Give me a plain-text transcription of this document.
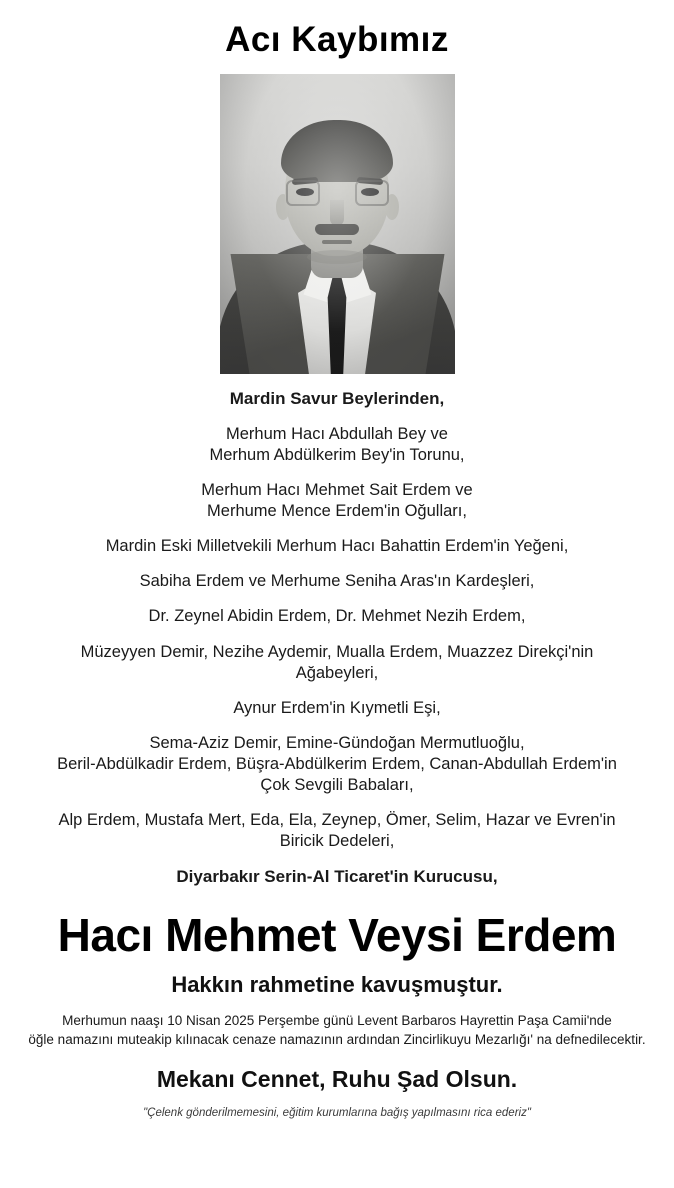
Acı Kaybımız
Mardin Savur Beylerinden,
Merhum Hacı Abdullah Bey ve
Merhum Abdülkerim Bey'in Torunu,
Merhum Hacı Mehmet Sait Erdem ve
Merhume Mence Erdem'in Oğulları,
Mardin Eski Milletvekili Merhum Hacı Bahattin Erdem'in Yeğeni,
Sabiha Erdem ve Merhume Seniha Aras'ın Kardeşleri,
Dr. Zeynel Abidin Erdem, Dr. Mehmet Nezih Erdem,
Müzeyyen Demir, Nezihe Aydemir, Mualla Erdem, Muazzez Direkçi'nin
Ağabeyleri,
Aynur Erdem'in Kıymetli Eşi,
Sema-Aziz Demir, Emine-Gündoğan Mermutluoğlu,
Beril-Abdülkadir Erdem, Büşra-Abdülkerim Erdem, Canan-Abdullah Erdem'in
Çok Sevgili Babaları,
Alp Erdem, Mustafa Mert, Eda, Ela, Zeynep, Ömer, Selim, Hazar ve Evren'in
Biricik Dedeleri,
Diyarbakır Serin-Al Ticaret'in Kurucusu,
Hacı Mehmet Veysi Erdem
Hakkın rahmetine kavuşmuştur.
Merhumun naaşı 10 Nisan 2025 Perşembe günü Levent Barbaros Hayrettin Paşa Camii'nde
öğle namazını muteakip kılınacak cenaze namazının ardından Zincirlikuyu Mezarlığı' na defnedilecektir.
Mekanı Cennet, Ruhu Şad Olsun.
"Çelenk gönderilmemesini, eğitim kurumlarına bağış yapılmasını rica ederiz"
